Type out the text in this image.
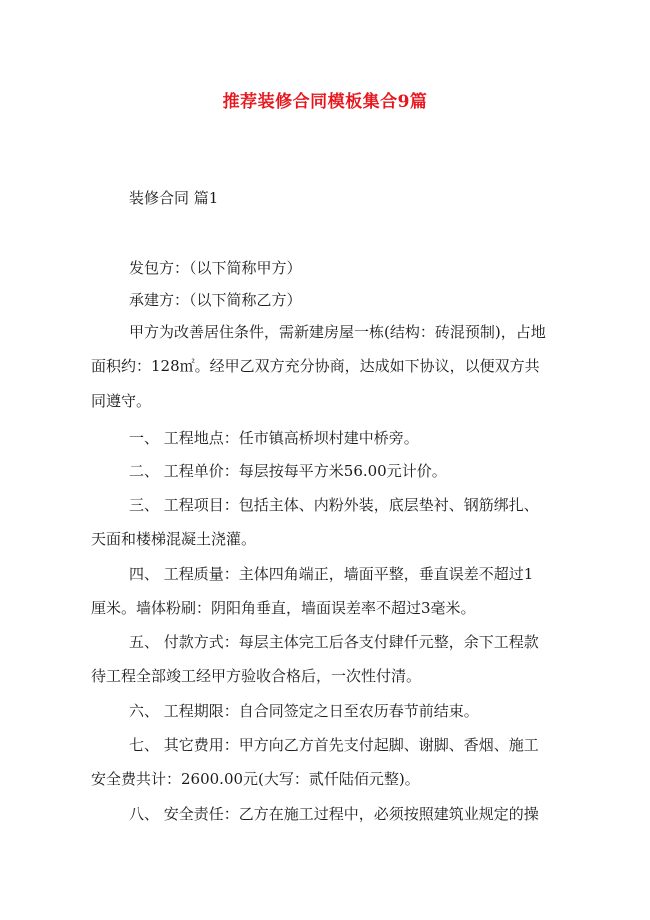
推荐装修合同模板集合9篇

装修合同 篇1

发包方：（以下简称甲方）

承建方：（以下简称乙方）

甲方为改善居住条件，需新建房屋一栋(结构：砖混预制)，占地

面积约：128㎡。经甲乙双方充分协商，达成如下协议，以便双方共

同遵守。

一、 工程地点：任市镇高桥坝村建中桥旁。

二、 工程单价：每层按每平方米56.00元计价。

三、 工程项目：包括主体、内粉外装，底层垫衬、钢筋绑扎、

天面和楼梯混凝土浇灌。

四、 工程质量：主体四角端正，墙面平整，垂直误差不超过1

厘米。墙体粉刷：阴阳角垂直，墙面误差率不超过3毫米。

五、 付款方式：每层主体完工后各支付肆仟元整，余下工程款

待工程全部竣工经甲方验收合格后，一次性付清。

六、 工程期限：自合同签定之日至农历春节前结束。

七、 其它费用：甲方向乙方首先支付起脚、谢脚、香烟、施工

安全费共计：2600.00元(大写：贰仟陆佰元整)。

八、 安全责任：乙方在施工过程中，必须按照建筑业规定的操
